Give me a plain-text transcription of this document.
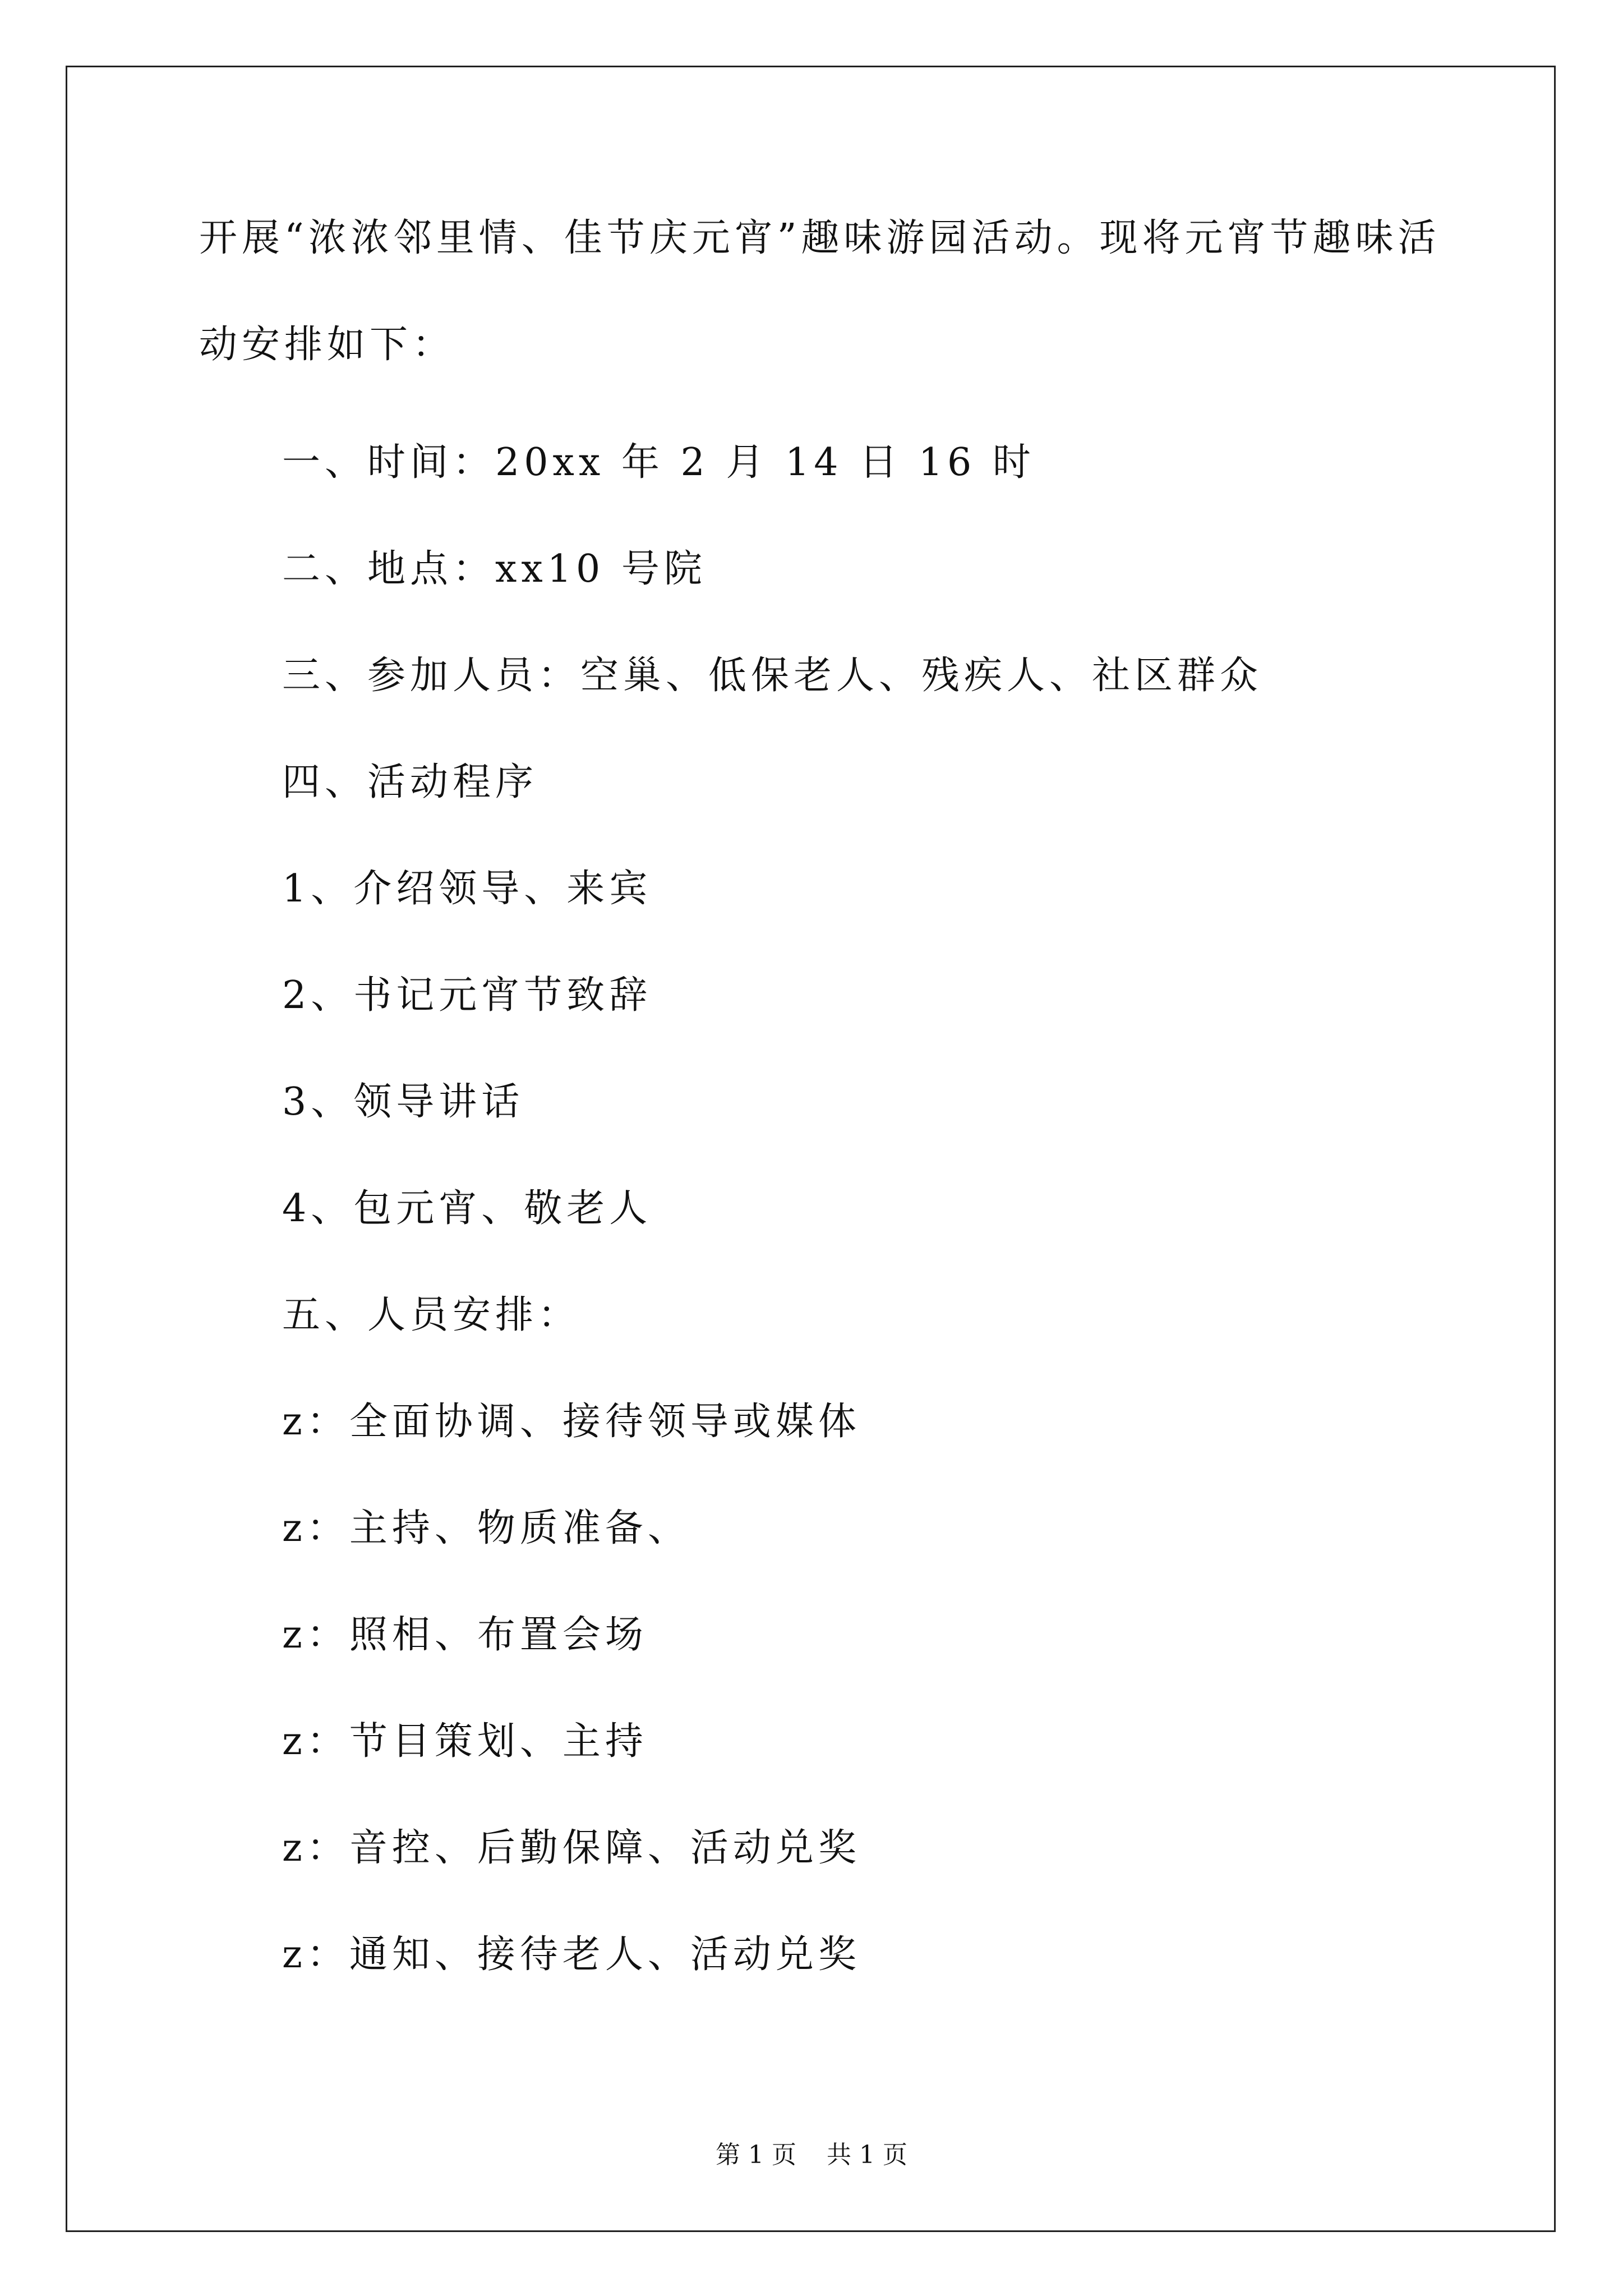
开展“浓浓邻里情、佳节庆元宵”趣味游园活动。现将元宵节趣味活

动安排如下：

一、时间：20xx 年 2 月 14 日 16 时

二、地点：xx10 号院

三、参加人员：空巢、低保老人、残疾人、社区群众

四、活动程序

1、介绍领导、来宾

2、书记元宵节致辞

3、领导讲话

4、包元宵、敬老人

五、人员安排：

z：全面协调、接待领导或媒体

z：主持、物质准备、

z：照相、布置会场

z：节目策划、主持

z：音控、后勤保障、活动兑奖

z：通知、接待老人、活动兑奖

第 1 页 共 1 页
